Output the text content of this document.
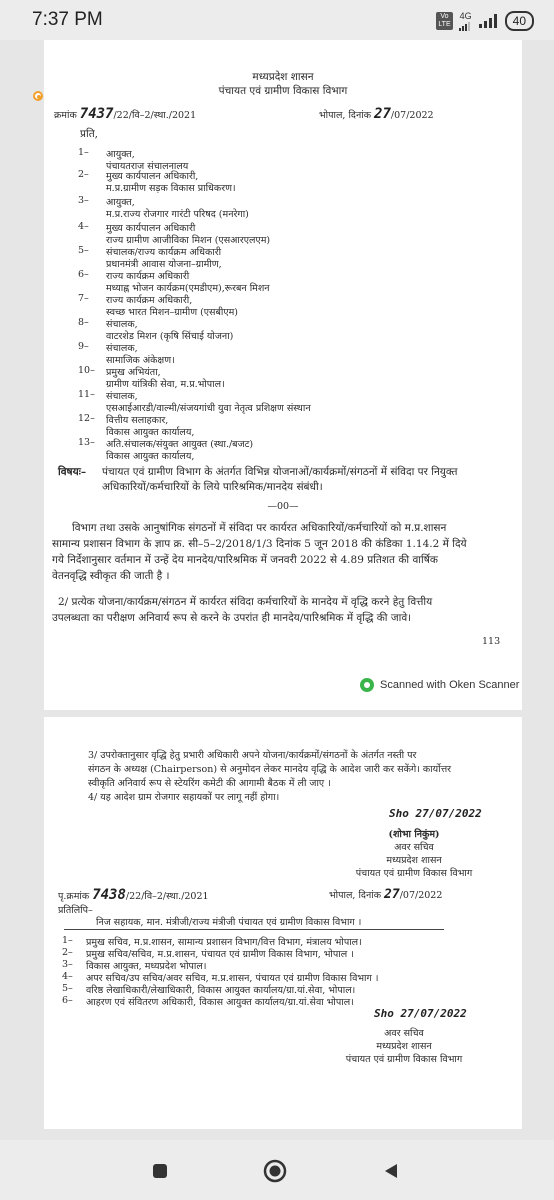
7:37 PM	Vo
LTE
4G	40
मध्यप्रदेश शासन
पंचायत एवं ग्रामीण विकास विभाग
क्रमांक 7437/22/वि–2/स्था./2021	भोपाल, दिनांक 27/07/2022
प्रति,
1– आयुक्त,
पंचायतराज संचालनालय
2– मुख्य कार्यपालन अधिकारी,
म.प्र.ग्रामीण सड़क विकास प्राधिकरण।
3– आयुक्त,
म.प्र.राज्य रोजगार गारंटी परिषद (मनरेगा)
4– मुख्य कार्यपालन अधिकारी
राज्य ग्रामीण आजीविका मिशन (एसआरएलएम)
5– संचालक/राज्य कार्यक्रम अधिकारी
प्रधानमंत्री आवास योजना–ग्रामीण,
6– राज्य कार्यक्रम अधिकारी
मध्याह्न भोजन कार्यक्रम(एमडीएम),रूरबन मिशन
7– राज्य कार्यक्रम अधिकारी,
स्वच्छ भारत मिशन–ग्रामीण (एसबीएम)
8– संचालक,
वाटरशेड मिशन (कृषि सिंचाई योजना)
9– संचालक,
सामाजिक अंकेक्षण।
10– प्रमुख अभियंता,
ग्रामीण यांत्रिकी सेवा, म.प्र.भोपाल।
11– संचालक,
एसआईआरडी/वाल्मी/संजयगांधी युवा नेतृत्व प्रशिक्षण संस्थान
12– वित्तीय सलाहकार,
विकास आयुक्त कार्यालय,
13– अति.संचालक/संयुक्त आयुक्त (स्था./बजट)
विकास आयुक्त कार्यालय,
विषयः– पंचायत एवं ग्रामीण विभाग के अंतर्गत विभिन्न योजनाओं/कार्यक्रमों/संगठनों में संविदा पर नियुक्त
अधिकारियों/कर्मचारियों के लिये पारिश्रमिक/मानदेय संबंधी।
—00—
विभाग तथा उसके आनुषांगिक संगठनों में संविदा पर कार्यरत अधिकारियों/कर्मचारियों को म.प्र.शासन
सामान्य प्रशासन विभाग के ज्ञाप क्र. सी–5–2/2018/1/3 दिनांक 5 जून 2018 की कंडिका 1.14.2 में दिये
गये निर्देशानुसार वर्तमान में उन्हें देय मानदेय/पारिश्रमिक में जनवरी 2022 से 4.89 प्रतिशत की वार्षिक
वेतनवृद्धि स्वीकृत की जाती है ।
2/ प्रत्येक योजना/कार्यक्रम/संगठन में कार्यरत संविदा कर्मचारियों के मानदेय में वृद्धि करने हेतु वित्तीय
उपलब्धता का परीक्षण अनिवार्य रूप से करने के उपरांत ही मानदेय/पारिश्रमिक में वृद्धि की जावे।
113
Scanned with Oken Scanner
3/ उपरोक्तानुसार वृद्धि हेतु प्रभारी अधिकारी अपने योजना/कार्यक्रमों/संगठनों के अंतर्गत नस्ती पर
संगठन के अध्यक्ष (Chairperson) से अनुमोदन लेकर मानदेय वृद्धि के आदेश जारी कर सकेंगे। कार्योत्तर
स्वीकृति अनिवार्य रूप से स्टेयरिंग कमेटी की आगामी बैठक में ली जाए ।
4/ यह आदेश ग्राम रोजगार सहायकों पर लागू नहीं होगा।
Sho 27/07/2022
(शोभा निकुंम)
अवर सचिव
मध्यप्रदेश शासन
पंचायत एवं ग्रामीण विकास विभाग
पृ.क्रमांक 7438/22/वि–2/स्था./2021	भोपाल, दिनांक 27/07/2022
प्रतिलिपि–
निज सहायक, मान. मंत्रीजी/राज्य मंत्रीजी पंचायत एवं ग्रामीण विकास विभाग ।
1– प्रमुख सचिव, म.प्र.शासन, सामान्य प्रशासन विभाग/वित्त विभाग, मंत्रालय भोपाल।
2– प्रमुख सचिव/सचिव, म.प्र.शासन, पंचायत एवं ग्रामीण विकास विभाग, भोपाल ।
3– विकास आयुक्त, मध्यप्रदेश भोपाल।
4– अपर सचिव/उप सचिव/अवर सचिव, म.प्र.शासन, पंचायत एवं ग्रामीण विकास विभाग ।
5– वरिष्ठ लेखाधिकारी/लेखाधिकारी, विकास आयुक्त कार्यालय/ग्रा.यां.सेवा, भोपाल।
6– आहरण एवं संवितरण अधिकारी, विकास आयुक्त कार्यालय/ग्रा.यां.सेवा भोपाल।
Sho 27/07/2022
अवर सचिव
मध्यप्रदेश शासन
पंचायत एवं ग्रामीण विकास विभाग
